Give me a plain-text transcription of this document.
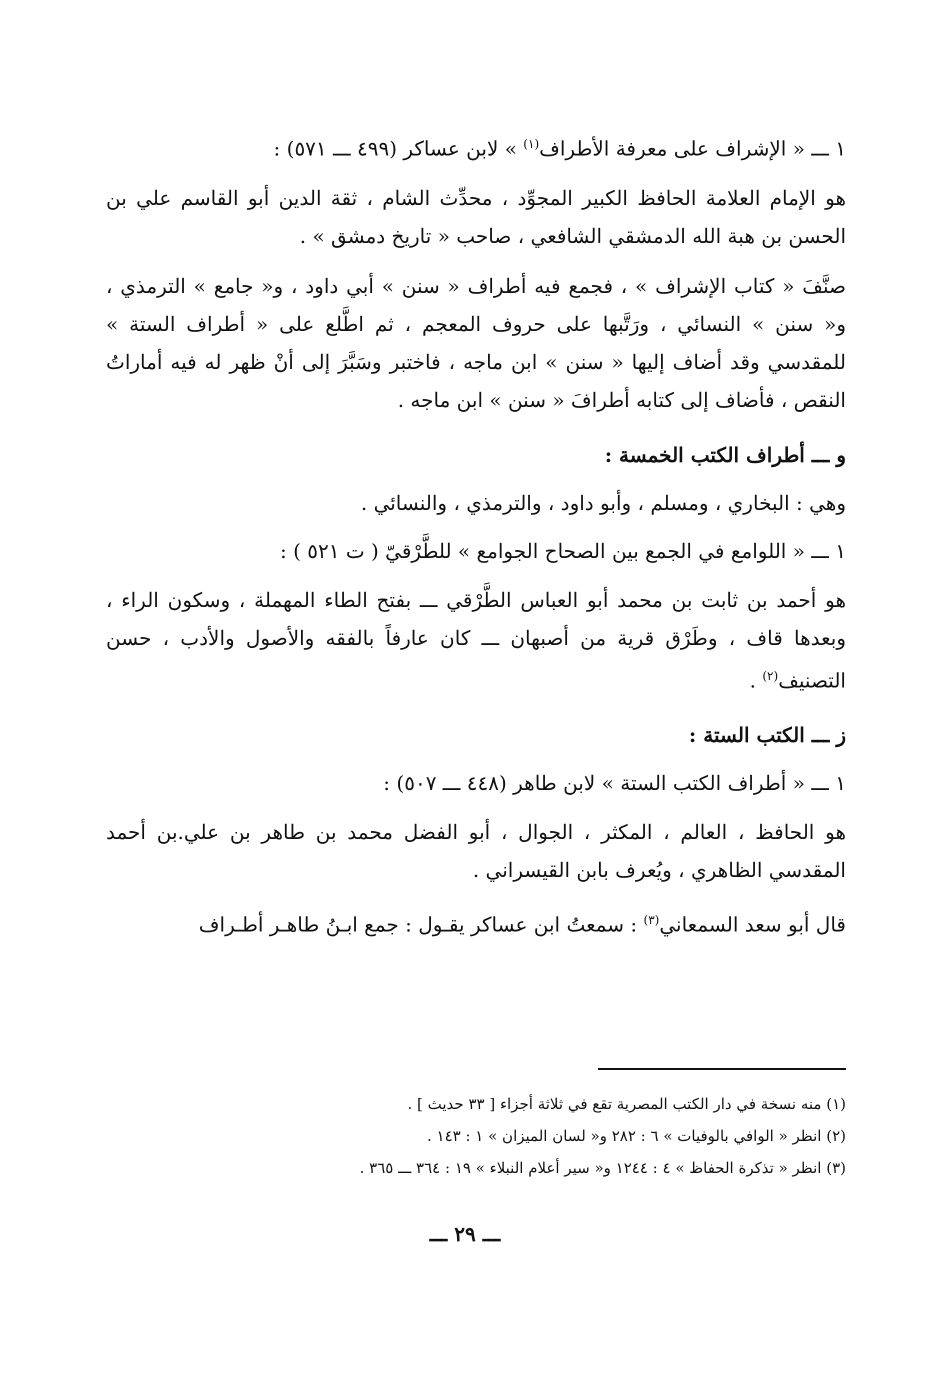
١ ـــ « الإشراف على معرفة الأطراف$^{(١)}$ » لابن عساكر (٤٩٩ ـــ ٥٧١) :

هو الإمام العلامة الحافظ الكبير المجوِّد ، محدِّث الشام ، ثقة الدين أبو القاسم علي بن الحسن بن هبة الله الدمشقي الشافعي ، صاحب « تاريخ دمشق » .

صنَّفَ « كتاب الإشراف » ، فجمع فيه أطراف « سنن » أبي داود ، و« جامع » الترمذي ، و« سنن » النسائي ، ورَتَّبها على حروف المعجم ، ثم اطَّلع على « أطراف الستة » للمقدسي وقد أضاف إليها « سنن » ابن ماجه ، فاختبر وسَبَّرَ إلى أنْ ظهر له فيه أماراتُ النقص ، فأضاف إلى كتابه أطرافَ « سنن » ابن ماجه .

و ـــ أطراف الكتب الخمسة :

وهي : البخاري ، ومسلم ، وأبو داود ، والترمذي ، والنسائي .

١ ـــ « اللوامع في الجمع بين الصحاح الجوامع » للطَّرْقيّ ( ت ٥٢١ ) :

هو أحمد بن ثابت بن محمد أبو العباس الطَّرْقي ـــ بفتح الطاء المهملة ، وسكون الراء ، وبعدها قاف ، وطَرْق قرية من أصبهان ـــ كان عارفاً بالفقه والأصول والأدب ، حسن التصنيف$^{(٢)}$ .

ز ـــ الكتب الستة :

١ ـــ « أطراف الكتب الستة » لابن طاهر (٤٤٨ ـــ ٥٠٧) :

هو الحافظ ، العالم ، المكثر ، الجوال ، أبو الفضل محمد بن طاهر بن علي.بن أحمد المقدسي الظاهري ، ويُعرف بابن القيسراني .

قال أبو سعد السمعاني$^{(٣)}$ : سمعتُ ابن عساكر يقـول : جمع ابـنُ طاهـر أطـراف

(١) منه نسخة في دار الكتب المصرية تقع في ثلاثة أجزاء [ ٣٣ حديث ] .

(٢) انظر « الوافي بالوفيات » ٦ : ٢٨٢ و« لسان الميزان » ١ : ١٤٣ .

(٣) انظر « تذكرة الحفاظ » ٤ : ١٢٤٤ و« سير أعلام النبلاء » ١٩ : ٣٦٤ ـــ ٣٦٥ .

ـــ ٢٩ ـــ
